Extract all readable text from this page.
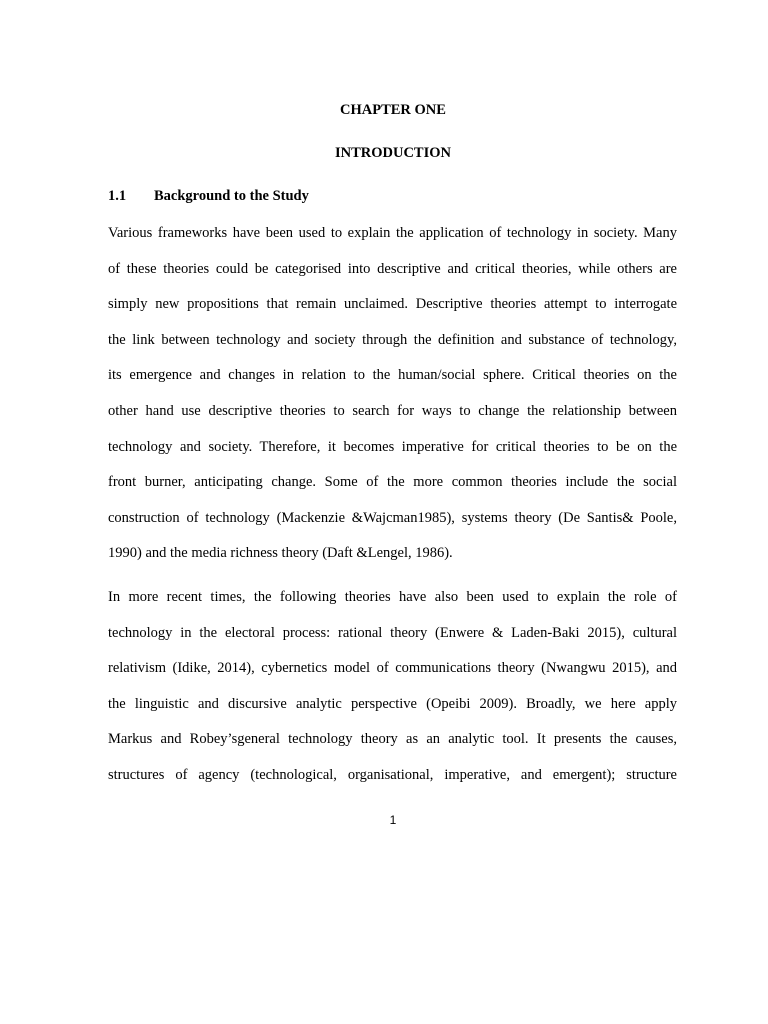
CHAPTER ONE
INTRODUCTION
1.1 Background to the Study
Various frameworks have been used to explain the application of technology in society. Many
of these theories could be categorised into descriptive and critical theories, while others are
simply new propositions that remain unclaimed. Descriptive theories attempt to interrogate
the link between technology and society through the definition and substance of technology,
its emergence and changes in relation to the human/social sphere. Critical theories on the
other hand use descriptive theories to search for ways to change the relationship between
technology and society. Therefore, it becomes imperative for critical theories to be on the
front burner, anticipating change. Some of the more common theories include the social
construction of technology (Mackenzie &Wajcman1985), systems theory (De Santis& Poole,
1990) and the media richness theory (Daft &Lengel, 1986).
In more recent times, the following theories have also been used to explain the role of
technology in the electoral process: rational theory (Enwere & Laden-Baki 2015), cultural
relativism (Idike, 2014), cybernetics model of communications theory (Nwangwu 2015), and
the linguistic and discursive analytic perspective (Opeibi 2009). Broadly, we here apply
Markus and Robey’sgeneral technology theory as an analytic tool. It presents the causes,
structures of agency (technological, organisational, imperative, and emergent); structure
1
